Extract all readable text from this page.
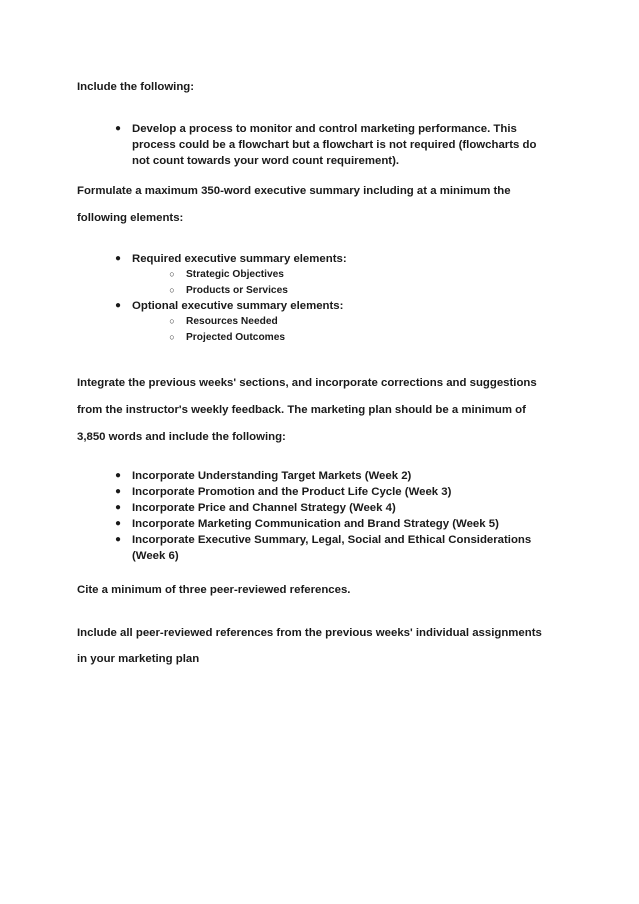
Include the following:

● Develop a process to monitor and control marketing performance. This
process could be a flowchart but a flowchart is not required (flowcharts do
not count towards your word count requirement).

Formulate a maximum 350-word executive summary including at a minimum the

following elements:

● Required executive summary elements:
○ Strategic Objectives
○ Products or Services
● Optional executive summary elements:
○ Resources Needed
○ Projected Outcomes

Integrate the previous weeks' sections, and incorporate corrections and suggestions

from the instructor's weekly feedback. The marketing plan should be a minimum of

3,850 words and include the following:

● Incorporate Understanding Target Markets (Week 2)
● Incorporate Promotion and the Product Life Cycle (Week 3)
● Incorporate Price and Channel Strategy (Week 4)
● Incorporate Marketing Communication and Brand Strategy (Week 5)
● Incorporate Executive Summary, Legal, Social and Ethical Considerations
(Week 6)

Cite a minimum of three peer-reviewed references.

Include all peer-reviewed references from the previous weeks' individual assignments

in your marketing plan
